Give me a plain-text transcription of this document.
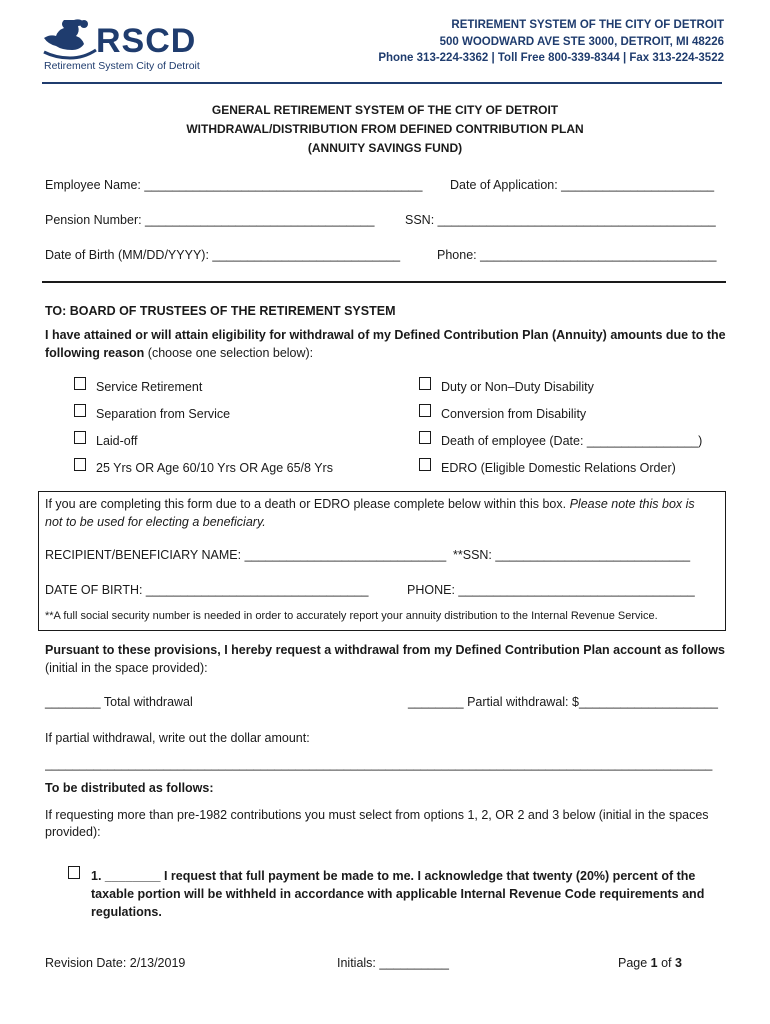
RSCD
Retirement System City of Detroit
RETIREMENT SYSTEM OF THE CITY OF DETROIT
500 WOODWARD AVE STE 3000, DETROIT, MI 48226
Phone 313-224-3362 | Toll Free 800-339-8344 | Fax 313-224-3522
GENERAL RETIREMENT SYSTEM OF THE CITY OF DETROIT
WITHDRAWAL/DISTRIBUTION FROM DEFINED CONTRIBUTION PLAN
(ANNUITY SAVINGS FUND)
Employee Name: ________________________________________ Date of Application: ______________________
Pension Number: _________________________________ SSN: ________________________________________
Date of Birth (MM/DD/YYYY): ___________________________	Phone: __________________________________
TO: BOARD OF TRUSTEES OF THE RETIREMENT SYSTEM
I have attained or will attain eligibility for withdrawal of my Defined Contribution Plan (Annuity) amounts due to the
following reason (choose one selection below):
Service Retirement
Separation from Service
Laid-off
25 Yrs OR Age 60/10 Yrs OR Age 65/8 Yrs
Duty or Non–Duty Disability
Conversion from Disability
Death of employee (Date: ________________)
EDRO (Eligible Domestic Relations Order)
If you are completing this form due to a death or EDRO please complete below within this box. Please note this box is
not to be used for electing a beneficiary.
RECIPIENT/BENEFICIARY NAME: _____________________________ **SSN: ____________________________
DATE OF BIRTH: ________________________________	PHONE: __________________________________
**A full social security number is needed in order to accurately report your annuity distribution to the Internal Revenue Service.
Pursuant to these provisions, I hereby request a withdrawal from my Defined Contribution Plan account as follows
(initial in the space provided):
________ Total withdrawal	________ Partial withdrawal: $____________________
If partial withdrawal, write out the dollar amount:
________________________________________________________________________________________________
To be distributed as follows:
If requesting more than pre-1982 contributions you must select from options 1, 2, OR 2 and 3 below (initial in the spaces
provided):
1. ________ I request that full payment be made to me. I acknowledge that twenty (20%) percent of the
taxable portion will be withheld in accordance with applicable Internal Revenue Code requirements and
regulations.
Revision Date: 2/13/2019	Initials: __________	Page 1 of 3
